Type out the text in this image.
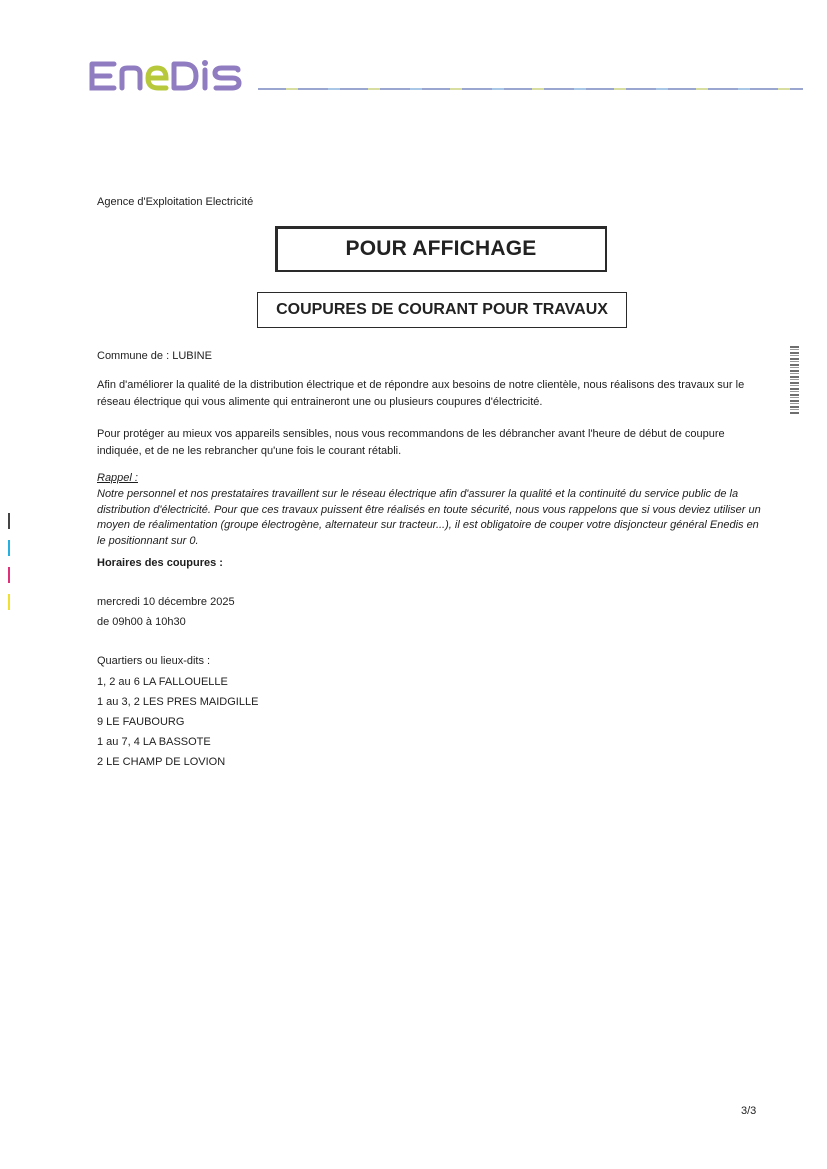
Agence d'Exploitation Electricité
POUR AFFICHAGE
COUPURES DE COURANT POUR TRAVAUX
Commune de : LUBINE
Afin d'améliorer la qualité de la distribution électrique et de répondre aux besoins de notre clientèle, nous réalisons des travaux sur le réseau électrique qui vous alimente qui entraineront une ou plusieurs coupures d'électricité.
Pour protéger au mieux vos appareils sensibles, nous vous recommandons de les débrancher avant l'heure de début de coupure indiquée, et de ne les rebrancher qu'une fois le courant rétabli.
Rappel :
Notre personnel et nos prestataires travaillent sur le réseau électrique afin d'assurer la qualité et la continuité du service public de la distribution d'électricité. Pour que ces travaux puissent être réalisés en toute sécurité, nous vous rappelons que si vous deviez utiliser un moyen de réalimentation (groupe électrogène, alternateur sur tracteur...), il est obligatoire de couper votre disjoncteur général Enedis en le positionnant sur 0.
Horaires des coupures :
mercredi 10 décembre 2025
de 09h00 à 10h30
Quartiers ou lieux-dits :
1, 2 au 6 LA FALLOUELLE
1 au 3, 2 LES PRES MAIDGILLE
9 LE FAUBOURG
1 au 7, 4 LA BASSOTE
2 LE CHAMP DE LOVION
3/3
